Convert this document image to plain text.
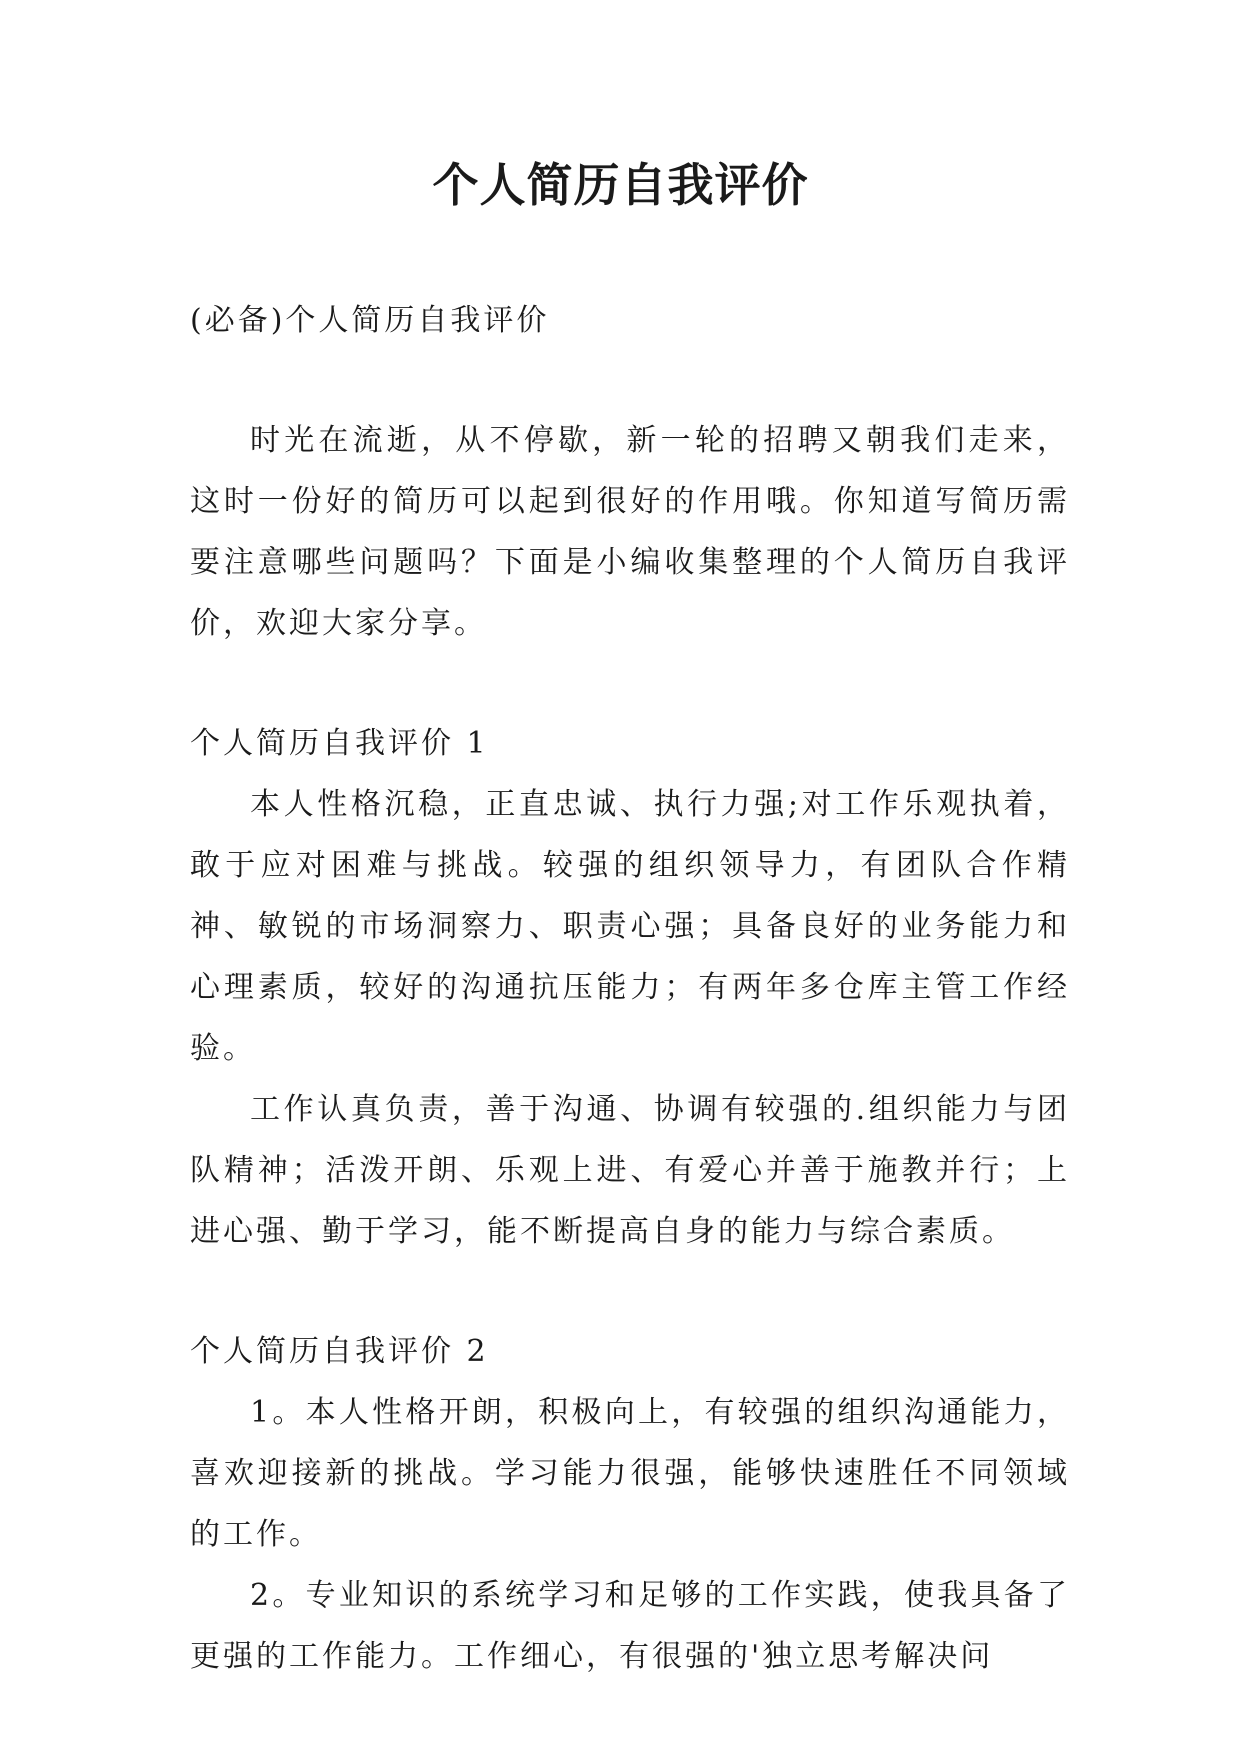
个人简历自我评价

(必备)个人简历自我评价

时光在流逝，从不停歇，新一轮的招聘又朝我们走来，这时一份好的简历可以起到很好的作用哦。你知道写简历需要注意哪些问题吗？下面是小编收集整理的个人简历自我评价，欢迎大家分享。

个人简历自我评价 1

本人性格沉稳，正直忠诚、执行力强;对工作乐观执着，敢于应对困难与挑战。较强的组织领导力，有团队合作精神、敏锐的市场洞察力、职责心强；具备良好的业务能力和心理素质，较好的沟通抗压能力；有两年多仓库主管工作经验。

工作认真负责，善于沟通、协调有较强的.组织能力与团队精神；活泼开朗、乐观上进、有爱心并善于施教并行；上进心强、勤于学习，能不断提高自身的能力与综合素质。

个人简历自我评价 2

1。本人性格开朗，积极向上，有较强的组织沟通能力，喜欢迎接新的挑战。学习能力很强，能够快速胜任不同领域的工作。

2。专业知识的系统学习和足够的工作实践，使我具备了更强的工作能力。工作细心，有很强的'独立思考解决问
